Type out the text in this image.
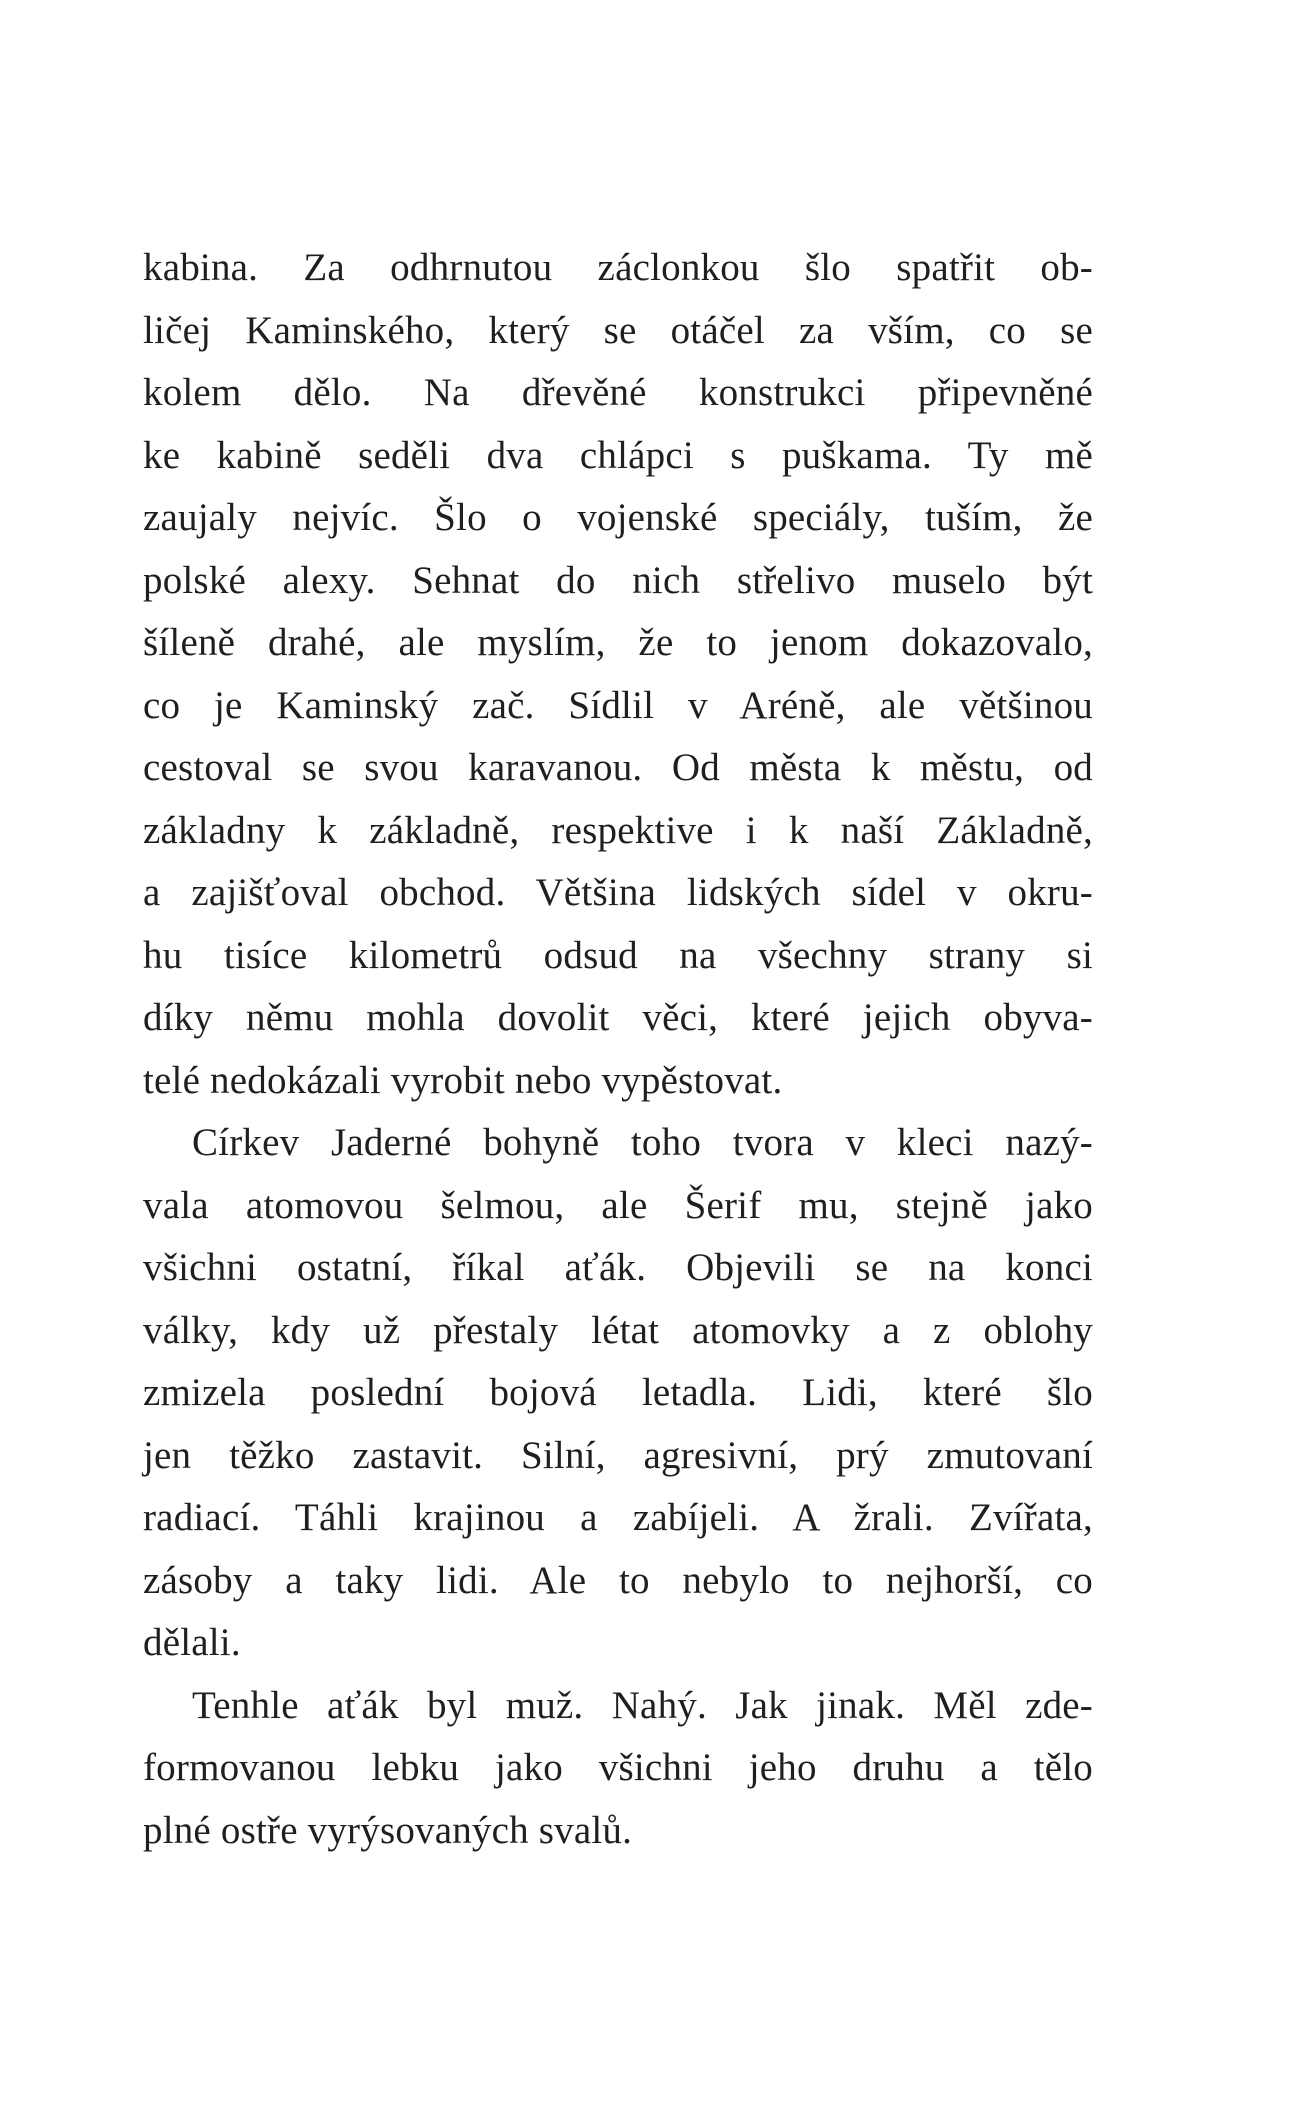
kabina. Za odhrnutou záclonkou šlo spatřit ob-
ličej Kaminského, který se otáčel za vším, co se
kolem dělo. Na dřevěné konstrukci připevněné
ke kabině seděli dva chlápci s puškama. Ty mě
zaujaly nejvíc. Šlo o vojenské speciály, tuším, že
polské alexy. Sehnat do nich střelivo muselo být
šíleně drahé, ale myslím, že to jenom dokazovalo,
co je Kaminský zač. Sídlil v Aréně, ale většinou
cestoval se svou karavanou. Od města k městu, od
základny k základně, respektive i k naší Základně,
a zajišťoval obchod. Většina lidských sídel v okru-
hu tisíce kilometrů odsud na všechny strany si
díky němu mohla dovolit věci, které jejich obyva-
telé nedokázali vyrobit nebo vypěstovat.
Církev Jaderné bohyně toho tvora v kleci nazý-
vala atomovou šelmou, ale Šerif mu, stejně jako
všichni ostatní, říkal aťák. Objevili se na konci
války, kdy už přestaly létat atomovky a z oblohy
zmizela poslední bojová letadla. Lidi, které šlo
jen těžko zastavit. Silní, agresivní, prý zmutovaní
radiací. Táhli krajinou a zabíjeli. A žrali. Zvířata,
zásoby a taky lidi. Ale to nebylo to nejhorší, co
dělali.
Tenhle aťák byl muž. Nahý. Jak jinak. Měl zde-
formovanou lebku jako všichni jeho druhu a tělo
plné ostře vyrýsovaných svalů.
